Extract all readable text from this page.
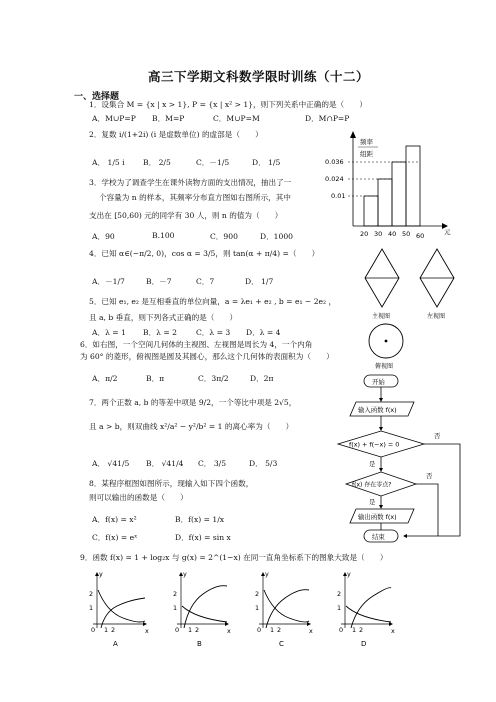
高三下学期文科数学限时训练（十二）
一、选择题
1．设集合 M = {x | x > 1}, P = {x | x² > 1}，则下列关系中正确的是（　　）
A．M∪P=P B．M=P	C．M∪P=M	D．M∩P=P
2．复数 i/(1+2i) (i 是虚数单位) 的虚部是（　　）
A． 1/5 i B． 2/5	C．－1/5	D． 1/5
3．学校为了调查学生在课外读物方面的支出情况，抽出了一
个容量为 n 的样本，其频率分布直方图如右图所示，其中
支出在 [50,60) 元的同学有 30 人，则 n 的值为（　　）
A．90	B.100	C．900	D．1000
频率
组距
0.036
0.024
0.01
20 30 40 50 60	元
4．已知 α∈(−π/2, 0)，cos α = 3/5，则 tan(α + π/4) =（　　）
A．－1/7	B．－7	C．7	D． 1/7
主视图	左视图
俯视图
5．已知 e₁, e₂ 是互相垂直的单位向量，a = λe₁ + e₂ , b = e₁ − 2e₂ ，
且 a, b 垂直，则下列各式正确的是（　　）
A．λ = 1 B．λ = 2 C．λ = 3 D．λ = 4
6．如右图，一个空间几何体的主视图、左视图是周长为 4，一个内角
为 60° 的菱形，俯视图是圆及其圆心，那么这个几何体的表面积为（　　）
A．π/2	B．π	C．3π/2	D．2π
7．两个正数 a, b 的等差中项是 9/2，一个等比中项是 2√5，
且 a > b，则双曲线 x²/a² − y²/b² = 1 的离心率为（　　）
A． √41/5 B． √41/4 C． 3/5	D． 5/3
开始
输入函数 f(x)
f(x) + f(−x) = 0
否
是
f(x) 存在零点?
否
是
输出函数 f(x)
结束
8．某程序框图如图所示，现输入如下四个函数，
则可以输出的函数是（　　）
A．f(x) = x²	B．f(x) = 1/x
C．f(x) = eˣ	D．f(x) = sin x
9．函数 f(x) = 1 + log₂x 与 g(x) = 2^(1−x) 在同一直角坐标系下的图象大致是（　　）
y
x
2
1
0 1 2
A
y
x
2
1
0 1 2
B
y
x
2
1
0 1 2
C
y
x
2
1
0 1 2
D
